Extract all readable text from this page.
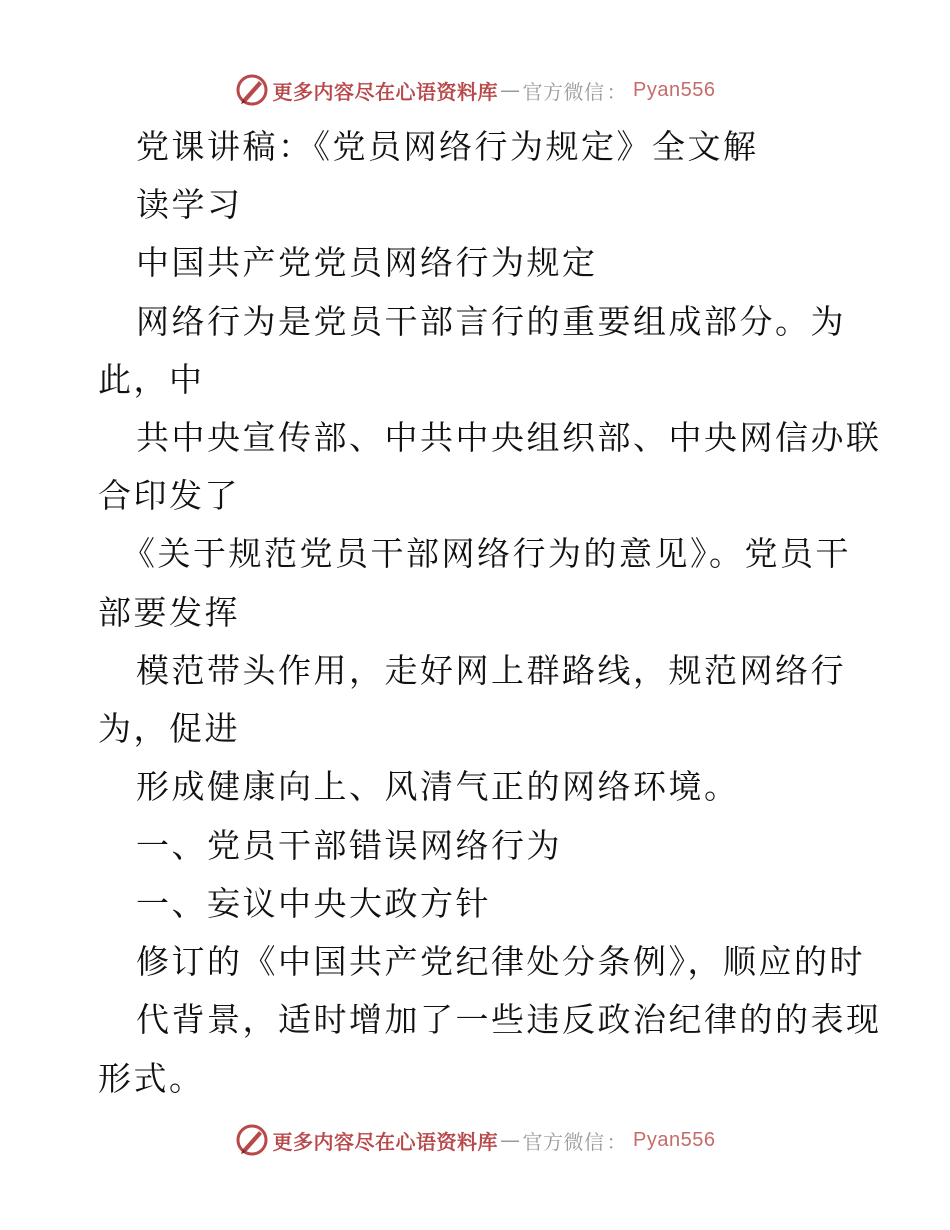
更多内容尽在心语资料库 — 官方微信 ： Pyan556
党课讲稿：《党员网络行为规定》全文解
读学习
中国共产党党员网络行为规定
网络行为是党员干部言行的重要组成部分。为
此，中
共中央宣传部、中共中央组织部、中央网信办联
合印发了
《关于规范党员干部网络行为的意见》。党员干
部要发挥
模范带头作用，走好网上群路线，规范网络行
为，促进
形成健康向上、风清气正的网络环境。
一、党员干部错误网络行为
一、妄议中央大政方针
修订的《中国共产党纪律处分条例》，顺应的时
代背景，适时增加了一些违反政治纪律的的表现
形式。
更多内容尽在心语资料库 — 官方微信 ： Pyan556
